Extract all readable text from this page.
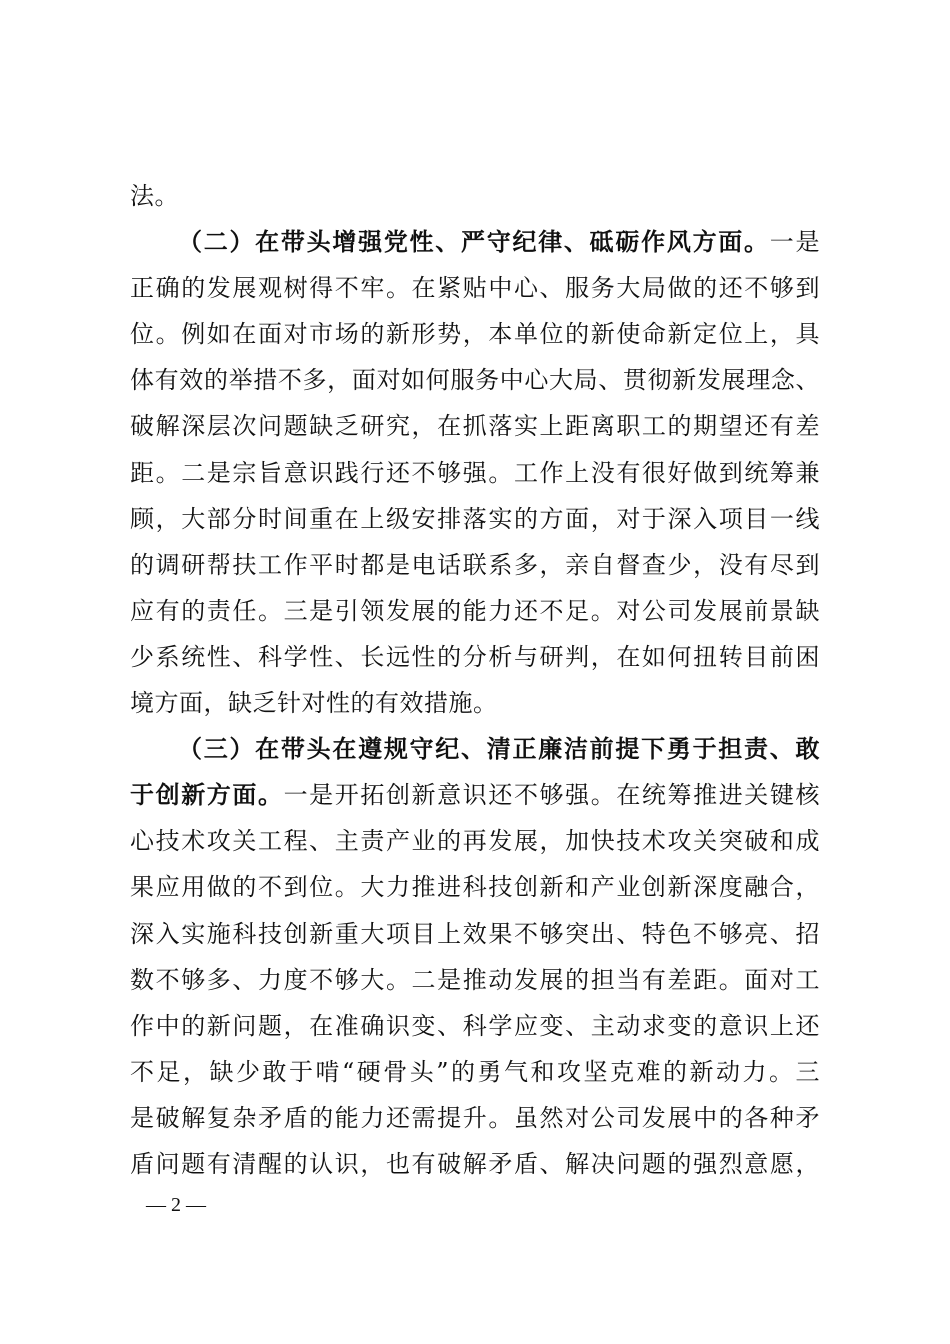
法。
（二）在带头增强党性、严守纪律、砥砺作风方面。一是
正确的发展观树得不牢。在紧贴中心、服务大局做的还不够到
位。例如在面对市场的新形势，本单位的新使命新定位上，具
体有效的举措不多，面对如何服务中心大局、贯彻新发展理念、
破解深层次问题缺乏研究，在抓落实上距离职工的期望还有差
距。二是宗旨意识践行还不够强。工作上没有很好做到统筹兼
顾，大部分时间重在上级安排落实的方面，对于深入项目一线
的调研帮扶工作平时都是电话联系多，亲自督查少，没有尽到
应有的责任。三是引领发展的能力还不足。对公司发展前景缺
少系统性、科学性、长远性的分析与研判，在如何扭转目前困
境方面，缺乏针对性的有效措施。
（三）在带头在遵规守纪、清正廉洁前提下勇于担责、敢
于创新方面。一是开拓创新意识还不够强。在统筹推进关键核
心技术攻关工程、主责产业的再发展，加快技术攻关突破和成
果应用做的不到位。大力推进科技创新和产业创新深度融合，
深入实施科技创新重大项目上效果不够突出、特色不够亮、招
数不够多、力度不够大。二是推动发展的担当有差距。面对工
作中的新问题，在准确识变、科学应变、主动求变的意识上还
不足，缺少敢于啃“硬骨头”的勇气和攻坚克难的新动力。三
是破解复杂矛盾的能力还需提升。虽然对公司发展中的各种矛
盾问题有清醒的认识，也有破解矛盾、解决问题的强烈意愿，
— 2 —
